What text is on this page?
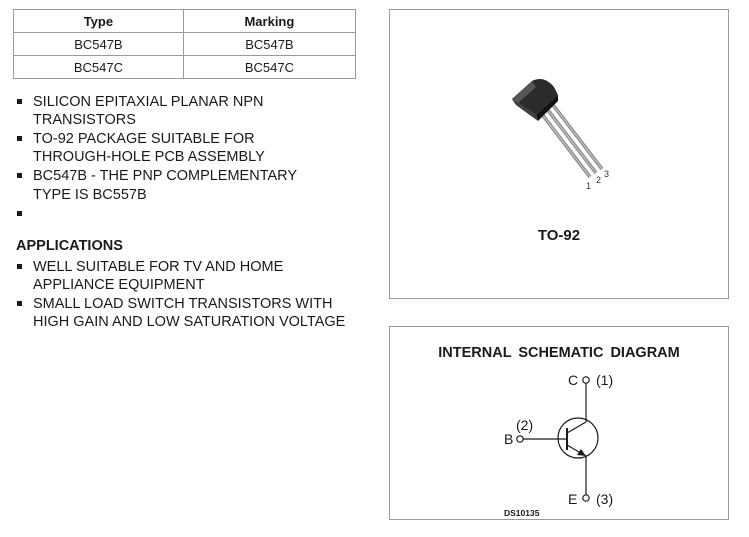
Type	Marking
BC547B	BC547B
BC547C	BC547C
SILICON EPITAXIAL PLANAR NPN TRANSISTORS
TO-92 PACKAGE SUITABLE FOR THROUGH-HOLE PCB ASSEMBLY
BC547B - THE PNP COMPLEMENTARY TYPE IS BC557B
APPLICATIONS
WELL SUITABLE FOR TV AND HOME APPLIANCE EQUIPMENT
SMALL LOAD SWITCH TRANSISTORS WITH HIGH GAIN AND LOW SATURATION VOLTAGE
1
2
3
TO-92
INTERNAL SCHEMATIC DIAGRAM
C (1)
(2)
B
E (3)
DS10135
